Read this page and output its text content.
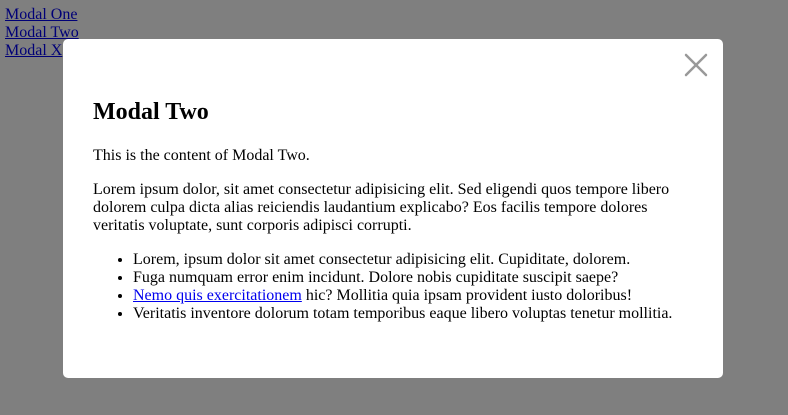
Modal Two

This is the content of Modal Two.

Lorem ipsum dolor, sit amet consectetur adipisicing elit. Sed eligendi quos tempore libero dolorem culpa dicta alias reiciendis laudantium explicabo? Eos facilis tempore dolores veritatis voluptate, sunt corporis adipisci corrupti.

• Lorem, ipsum dolor sit amet consectetur adipisicing elit. Cupiditate, dolorem.
• Fuga numquam error enim incidunt. Dolore nobis cupiditate suscipit saepe?
• Nemo quis exercitationem hic? Mollitia quia ipsam provident iusto doloribus!
• Veritatis inventore dolorum totam temporibus eaque libero voluptas tenetur mollitia.
